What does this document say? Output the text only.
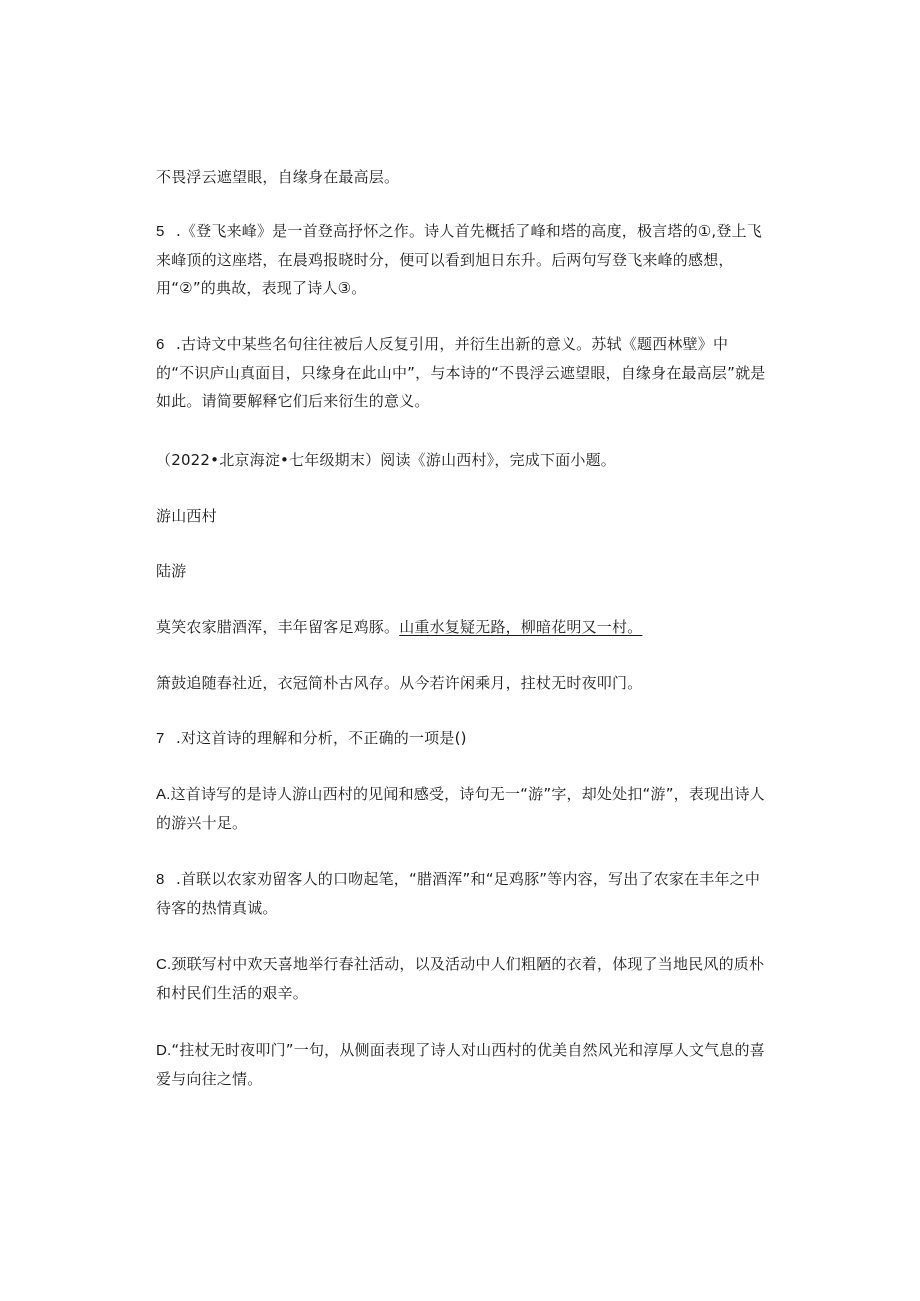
不畏浮云遮望眼，自缘身在最高层。

5 .《登飞来峰》是一首登高抒怀之作。诗人首先概括了峰和塔的高度，极言塔的①,登上飞来峰顶的这座塔，在晨鸡报晓时分，便可以看到旭日东升。后两句写登飞来峰的感想，用“②”的典故，表现了诗人③。

6 .古诗文中某些名句往往被后人反复引用，并衍生出新的意义。苏轼《题西林壁》中的“不识庐山真面目，只缘身在此山中”，与本诗的“不畏浮云遮望眼，自缘身在最高层”就是如此。请简要解释它们后来衍生的意义。

（2022•北京海淀•七年级期末）阅读《游山西村》，完成下面小题。

游山西村

陆游

莫笑农家腊酒浑，丰年留客足鸡豚。山重水复疑无路，柳暗花明又一村。

箫鼓追随春社近，衣冠简朴古风存。从今若许闲乘月，拄杖无时夜叩门。

7 .对这首诗的理解和分析，不正确的一项是()

A.这首诗写的是诗人游山西村的见闻和感受，诗句无一“游”字，却处处扣“游”，表现出诗人的游兴十足。

8 .首联以农家劝留客人的口吻起笔，“腊酒浑”和“足鸡豚”等内容，写出了农家在丰年之中待客的热情真诚。

C.颈联写村中欢天喜地举行春社活动，以及活动中人们粗陋的衣着，体现了当地民风的质朴和村民们生活的艰辛。

D.“拄杖无时夜叩门”一句，从侧面表现了诗人对山西村的优美自然风光和淳厚人文气息的喜爱与向往之情。
